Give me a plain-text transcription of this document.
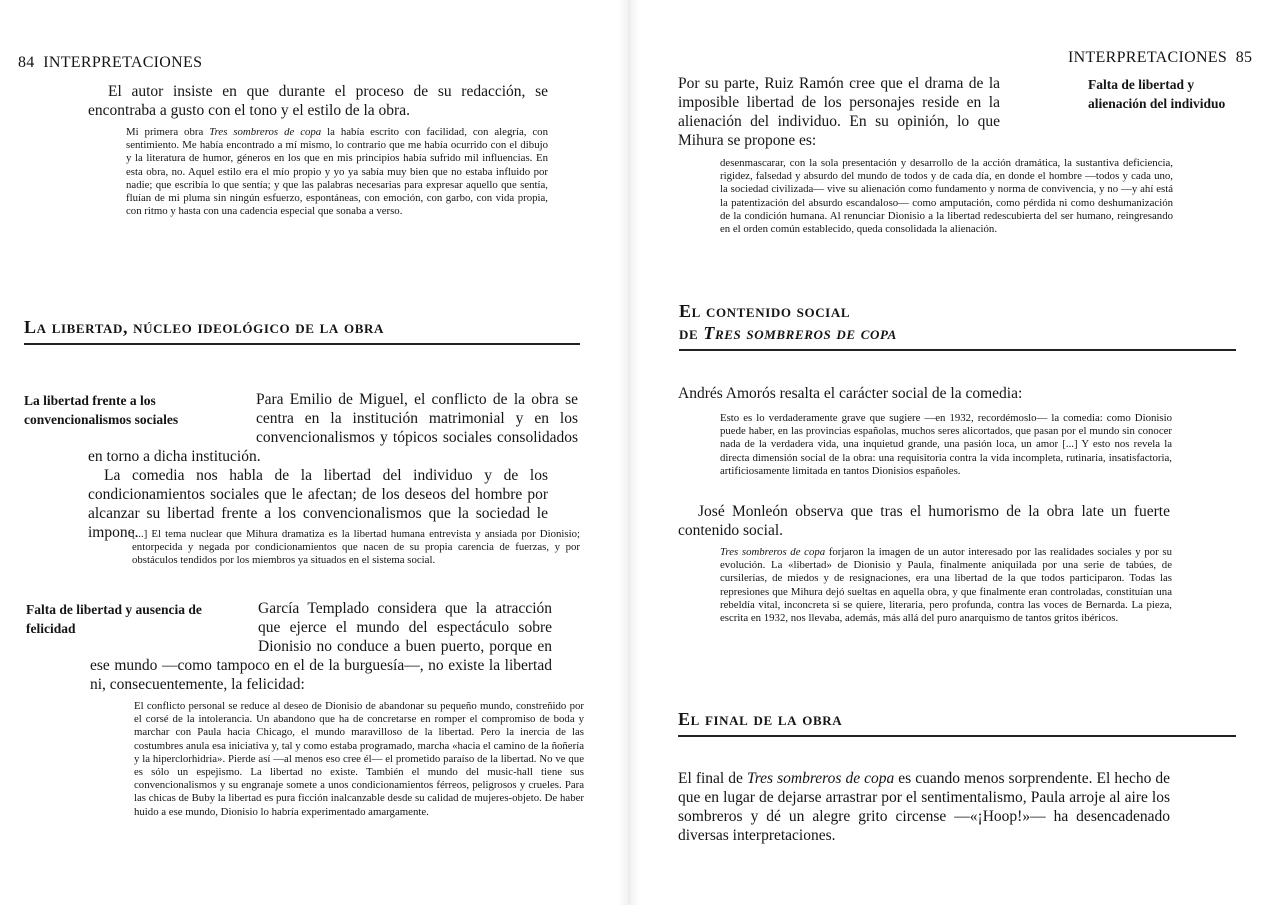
84 INTERPRETACIONES
El autor insiste en que durante el proceso de su redacción, se encontraba a gusto con el tono y el estilo de la obra.
Mi primera obra Tres sombreros de copa la había escrito con facilidad, con alegría, con sentimiento. Me había encontrado a mí mismo, lo contrario que me había ocurrido con el dibujo y la literatura de humor, géneros en los que en mis principios había sufrido mil influencias. En esta obra, no. Aquel estilo era el mío propio y yo ya sabía muy bien que no estaba influido por nadie; que escribía lo que sentía; y que las palabras necesarias para expresar aquello que sentía, fluían de mi pluma sin ningún esfuerzo, espontáneas, con emoción, con garbo, con vida propia, con ritmo y hasta con una cadencia especial que sonaba a verso.
La libertad, núcleo ideológico de la obra
La libertad frente a los convencionalismos sociales
Para Emilio de Miguel, el conflicto de la obra se centra en la institución matrimonial y en los convencionalismos y tópicos sociales consolidados en torno a dicha institución.
La comedia nos habla de la libertad del individuo y de los condicionamientos sociales que le afectan; de los deseos del hombre por alcanzar su libertad frente a los convencionalismos que la sociedad le impone.
[...] El tema nuclear que Mihura dramatiza es la libertad humana entrevista y ansiada por Dionisio; entorpecida y negada por condicionamientos que nacen de su propia carencia de fuerzas, y por obstáculos tendidos por los miembros ya situados en el sistema social.
Falta de libertad y ausencia de felicidad
García Templado considera que la atracción que ejerce el mundo del espectáculo sobre Dionisio no conduce a buen puerto, porque en ese mundo —como tampoco en el de la burguesía—, no existe la libertad ni, consecuentemente, la felicidad:
El conflicto personal se reduce al deseo de Dionisio de abandonar su pequeño mundo, constreñido por el corsé de la intolerancia. Un abandono que ha de concretarse en romper el compromiso de boda y marchar con Paula hacia Chicago, el mundo maravilloso de la libertad. Pero la inercia de las costumbres anula esa iniciativa y, tal y como estaba programado, marcha «hacia el camino de la ñoñería y la hiperclorhidria». Pierde así —al menos eso cree él— el prometido paraíso de la libertad. No ve que es sólo un espejismo. La libertad no existe. También el mundo del music-hall tiene sus convencionalismos y su engranaje somete a unos condicionamientos férreos, peligrosos y crueles. Para las chicas de Buby la libertad es pura ficción inalcanzable desde su calidad de mujeres-objeto. De haber huido a ese mundo, Dionisio lo habría experimentado amargamente.
INTERPRETACIONES 85
Falta de libertad y alienación del individuo
Por su parte, Ruiz Ramón cree que el drama de la imposible libertad de los personajes reside en la alienación del individuo. En su opinión, lo que Mihura se propone es:
desenmascarar, con la sola presentación y desarrollo de la acción dramática, la sustantiva deficiencia, rigidez, falsedad y absurdo del mundo de todos y de cada día, en donde el hombre —todos y cada uno, la sociedad civilizada— vive su alienación como fundamento y norma de convivencia, y no —y ahí está la patentización del absurdo escandaloso— como amputación, como pérdida ni como deshumanización de la condición humana. Al renunciar Dionisio a la libertad redescubierta del ser humano, reingresando en el orden común establecido, queda consolidada la alienación.
El contenido social
de Tres sombreros de copa
Andrés Amorós resalta el carácter social de la comedia:
Esto es lo verdaderamente grave que sugiere —en 1932, recordémoslo— la comedia: como Dionisio puede haber, en las provincias españolas, muchos seres alicortados, que pasan por el mundo sin conocer nada de la verdadera vida, una inquietud grande, una pasión loca, un amor [...] Y esto nos revela la directa dimensión social de la obra: una requisitoria contra la vida incompleta, rutinaria, insatisfactoria, artificiosamente limitada en tantos Dionisios españoles.
José Monleón observa que tras el humorismo de la obra late un fuerte contenido social.
Tres sombreros de copa forjaron la imagen de un autor interesado por las realidades sociales y por su evolución. La «libertad» de Dionisio y Paula, finalmente aniquilada por una serie de tabúes, de cursilerías, de miedos y de resignaciones, era una libertad de la que todos participaron. Todas las represiones que Mihura dejó sueltas en aquella obra, y que finalmente eran controladas, constituían una rebeldía vital, inconcreta si se quiere, literaria, pero profunda, contra las voces de Bernarda. La pieza, escrita en 1932, nos llevaba, además, más allá del puro anarquismo de tantos gritos ibéricos.
El final de la obra
El final de Tres sombreros de copa es cuando menos sorprendente. El hecho de que en lugar de dejarse arrastrar por el sentimentalismo, Paula arroje al aire los sombreros y dé un alegre grito circense —«¡Hoop!»— ha desencadenado diversas interpretaciones.
